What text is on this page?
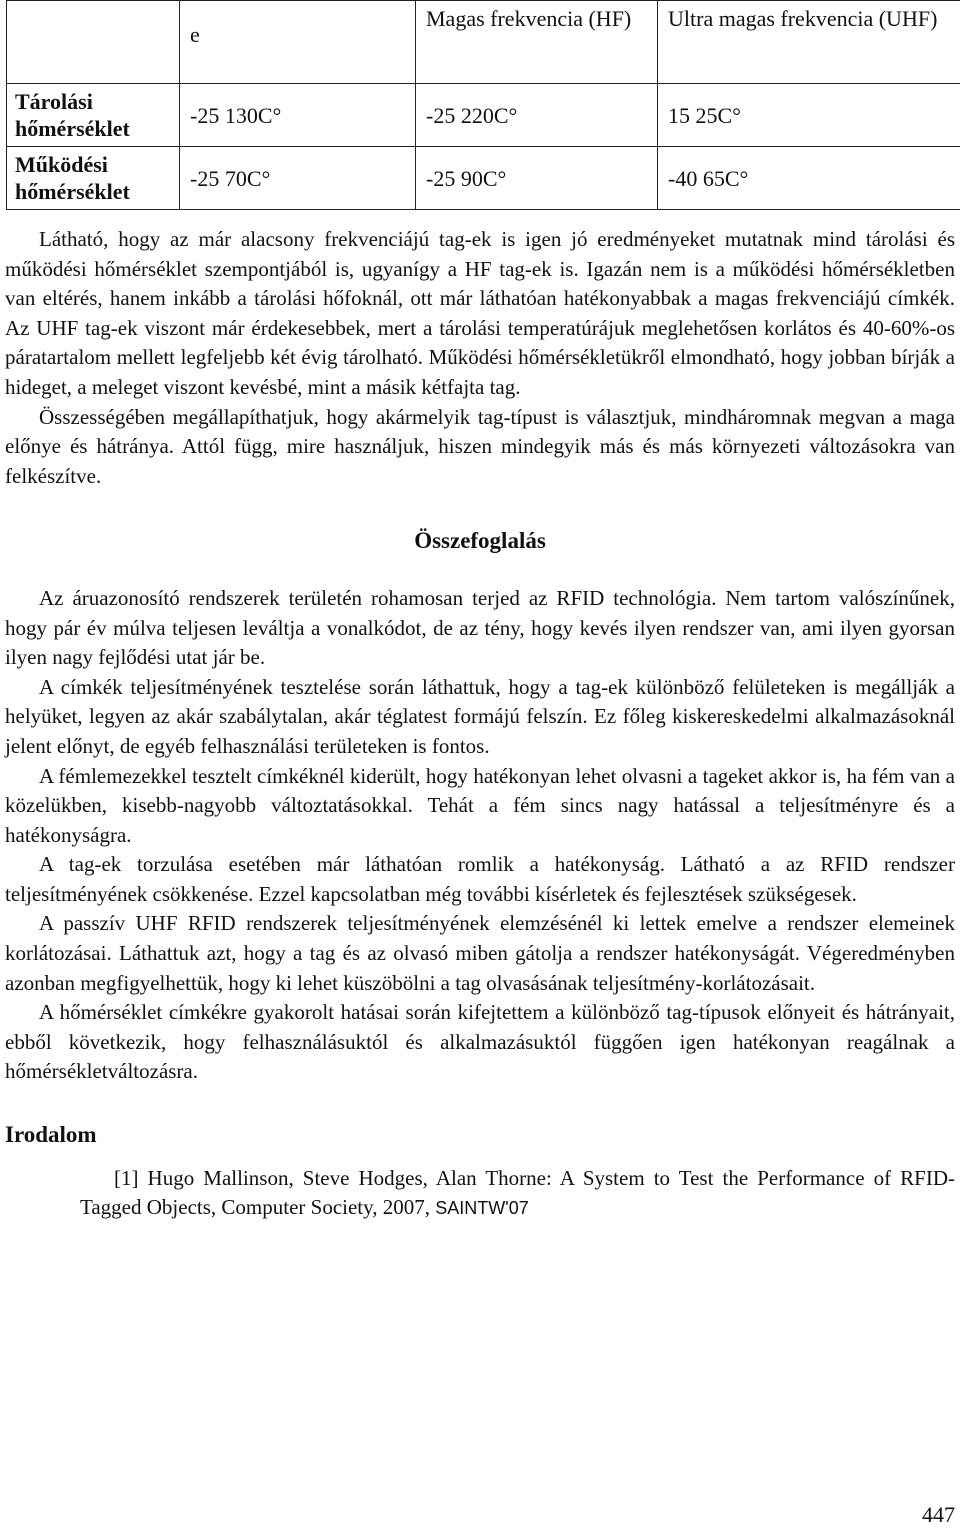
	e	Magas frekvencia (HF)	Ultra magas frekvencia (UHF)
Tárolási hőmérséklet	-25 130C°	-25 220C°	15 25C°
Működési hőmérséklet	-25 70C°	-25 90C°	-40 65C°

Látható, hogy az már alacsony frekvenciájú tag-ek is igen jó eredményeket mutatnak mind tárolási és működési hőmérséklet szempontjából is, ugyanígy a HF tag-ek is. Igazán nem is a működési hőmérsékletben van eltérés, hanem inkább a tárolási hőfoknál, ott már láthatóan hatékonyabbak a magas frekvenciájú címkék. Az UHF tag-ek viszont már érdekesebbek, mert a tárolási temperatúrájuk meglehetősen korlátos és 40-60%-os páratartalom mellett legfeljebb két évig tárolható. Működési hőmérsékletükről elmondható, hogy jobban bírják a hideget, a meleget viszont kevésbé, mint a másik kétfajta tag.

Összességében megállapíthatjuk, hogy akármelyik tag-típust is választjuk, mindháromnak megvan a maga előnye és hátránya. Attól függ, mire használjuk, hiszen mindegyik más és más környezeti változásokra van felkészítve.

Összefoglalás

Az áruazonosító rendszerek területén rohamosan terjed az RFID technológia. Nem tartom valószínűnek, hogy pár év múlva teljesen leváltja a vonalkódot, de az tény, hogy kevés ilyen rendszer van, ami ilyen gyorsan ilyen nagy fejlődési utat jár be.

A címkék teljesítményének tesztelése során láthattuk, hogy a tag-ek különböző felületeken is megállják a helyüket, legyen az akár szabálytalan, akár téglatest formájú felszín. Ez főleg kiskereskedelmi alkalmazásoknál jelent előnyt, de egyéb felhasználási területeken is fontos.

A fémlemezekkel tesztelt címkéknél kiderült, hogy hatékonyan lehet olvasni a tageket akkor is, ha fém van a közelükben, kisebb-nagyobb változtatásokkal. Tehát a fém sincs nagy hatással a teljesítményre és a hatékonyságra.

A tag-ek torzulása esetében már láthatóan romlik a hatékonyság. Látható a az RFID rendszer teljesítményének csökkenése. Ezzel kapcsolatban még további kísérletek és fejlesztések szükségesek.

A passzív UHF RFID rendszerek teljesítményének elemzésénél ki lettek emelve a rendszer elemeinek korlátozásai. Láthattuk azt, hogy a tag és az olvasó miben gátolja a rendszer hatékonyságát. Végeredményben azonban megfigyelhettük, hogy ki lehet küszöbölni a tag olvasásának teljesítmény-korlátozásait.

A hőmérséklet címkékre gyakorolt hatásai során kifejtettem a különböző tag-típusok előnyeit és hátrányait, ebből következik, hogy felhasználásuktól és alkalmazásuktól függően igen hatékonyan reagálnak a hőmérsékletváltozásra.

Irodalom

[1] Hugo Mallinson, Steve Hodges, Alan Thorne: A System to Test the Performance of RFID-Tagged Objects, Computer Society, 2007, SAINTW'07

447
